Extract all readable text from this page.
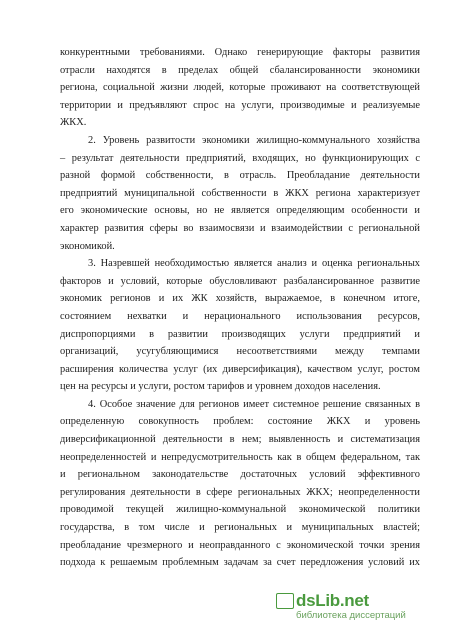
конкурентными требованиями. Однако генерирующие факторы развития
отрасли находятся в пределах общей сбалансированности экономики
региона, социальной жизни людей, которые проживают на соответствующей
территории и предъявляют спрос на услуги, производимые и реализуемые
ЖКХ.

2. Уровень развитости экономики жилищно-коммунального хозяйства
– результат деятельности предприятий, входящих, но функционирующих с
разной формой собственности, в отрасль. Преобладание деятельности
предприятий муниципальной собственности в ЖКХ региона характеризует
его экономические основы, но не является определяющим особенности и
характер развития сферы во взаимосвязи и взаимодействии с региональной
экономикой.

3. Назревшей необходимостью является анализ и оценка региональных
факторов и условий, которые обусловливают разбалансированное развитие
экономик регионов и их ЖК хозяйств, выражаемое, в конечном итоге,
состоянием нехватки и нерационального использования ресурсов,
диспропорциями в развитии производящих услуги предприятий и
организаций, усугубляющимися несоответствиями между темпами
расширения количества услуг (их диверсификация), качеством услуг, ростом
цен на ресурсы и услуги, ростом тарифов и уровнем доходов населения.

4. Особое значение для регионов имеет системное решение связанных в
определенную совокупность проблем: состояние ЖКХ и уровень
диверсификационной деятельности в нем; выявленность и систематизация
неопределенностей и непредусмотрительность как в общем федеральном, так
и региональном законодательстве достаточных условий эффективного
регулирования деятельности в сфере региональных ЖКХ; неопределенности
проводимой текущей жилищно-коммунальной экономической политики
государства, в том числе и региональных и муниципальных властей;
преобладание чрезмерного и неоправданного с экономической точки зрения
подхода к решаемым проблемным задачам за счет передложения условий их

dsLib.net
библиотека диссертаций
